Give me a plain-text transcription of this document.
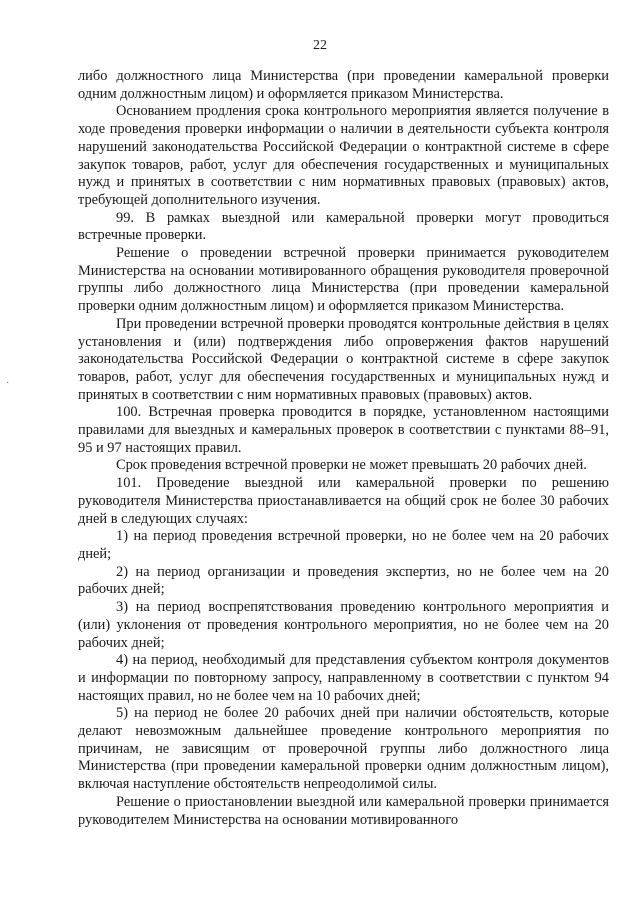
22
·

либо должностного лица Министерства (при проведении камеральной проверки одним должностным лицом) и оформляется приказом Министерства.

Основанием продления срока контрольного мероприятия является получение в ходе проведения проверки информации о наличии в деятельности субъекта контроля нарушений законодательства Российской Федерации о контрактной системе в сфере закупок товаров, работ, услуг для обеспечения государственных и муниципальных нужд и принятых в соответствии с ним нормативных правовых (правовых) актов, требующей дополнительного изучения.

99. В рамках выездной или камеральной проверки могут проводиться встречные проверки.

Решение о проведении встречной проверки принимается руководителем Министерства на основании мотивированного обращения руководителя проверочной группы либо должностного лица Министерства (при проведении камеральной проверки одним должностным лицом) и оформляется приказом Министерства.

При проведении встречной проверки проводятся контрольные действия в целях установления и (или) подтверждения либо опровержения фактов нарушений законодательства Российской Федерации о контрактной системе в сфере закупок товаров, работ, услуг для обеспечения государственных и муниципальных нужд и принятых в соответствии с ним нормативных правовых (правовых) актов.

100. Встречная проверка проводится в порядке, установленном настоящими правилами для выездных и камеральных проверок в соответствии с пунктами 88–91, 95 и 97 настоящих правил.

Срок проведения встречной проверки не может превышать 20 рабочих дней.

101. Проведение выездной или камеральной проверки по решению руководителя Министерства приостанавливается на общий срок не более 30 рабочих дней в следующих случаях:

1) на период проведения встречной проверки, но не более чем на 20 рабочих дней;

2) на период организации и проведения экспертиз, но не более чем на 20 рабочих дней;

3) на период воспрепятствования проведению контрольного мероприятия и (или) уклонения от проведения контрольного мероприятия, но не более чем на 20 рабочих дней;

4) на период, необходимый для представления субъектом контроля документов и информации по повторному запросу, направленному в соответствии с пунктом 94 настоящих правил, но не более чем на 10 рабочих дней;

5) на период не более 20 рабочих дней при наличии обстоятельств, которые делают невозможным дальнейшее проведение контрольного мероприятия по причинам, не зависящим от проверочной группы либо должностного лица Министерства (при проведении камеральной проверки одним должностным лицом), включая наступление обстоятельств непреодолимой силы.

Решение о приостановлении выездной или камеральной проверки принимается руководителем Министерства на основании мотивированного
